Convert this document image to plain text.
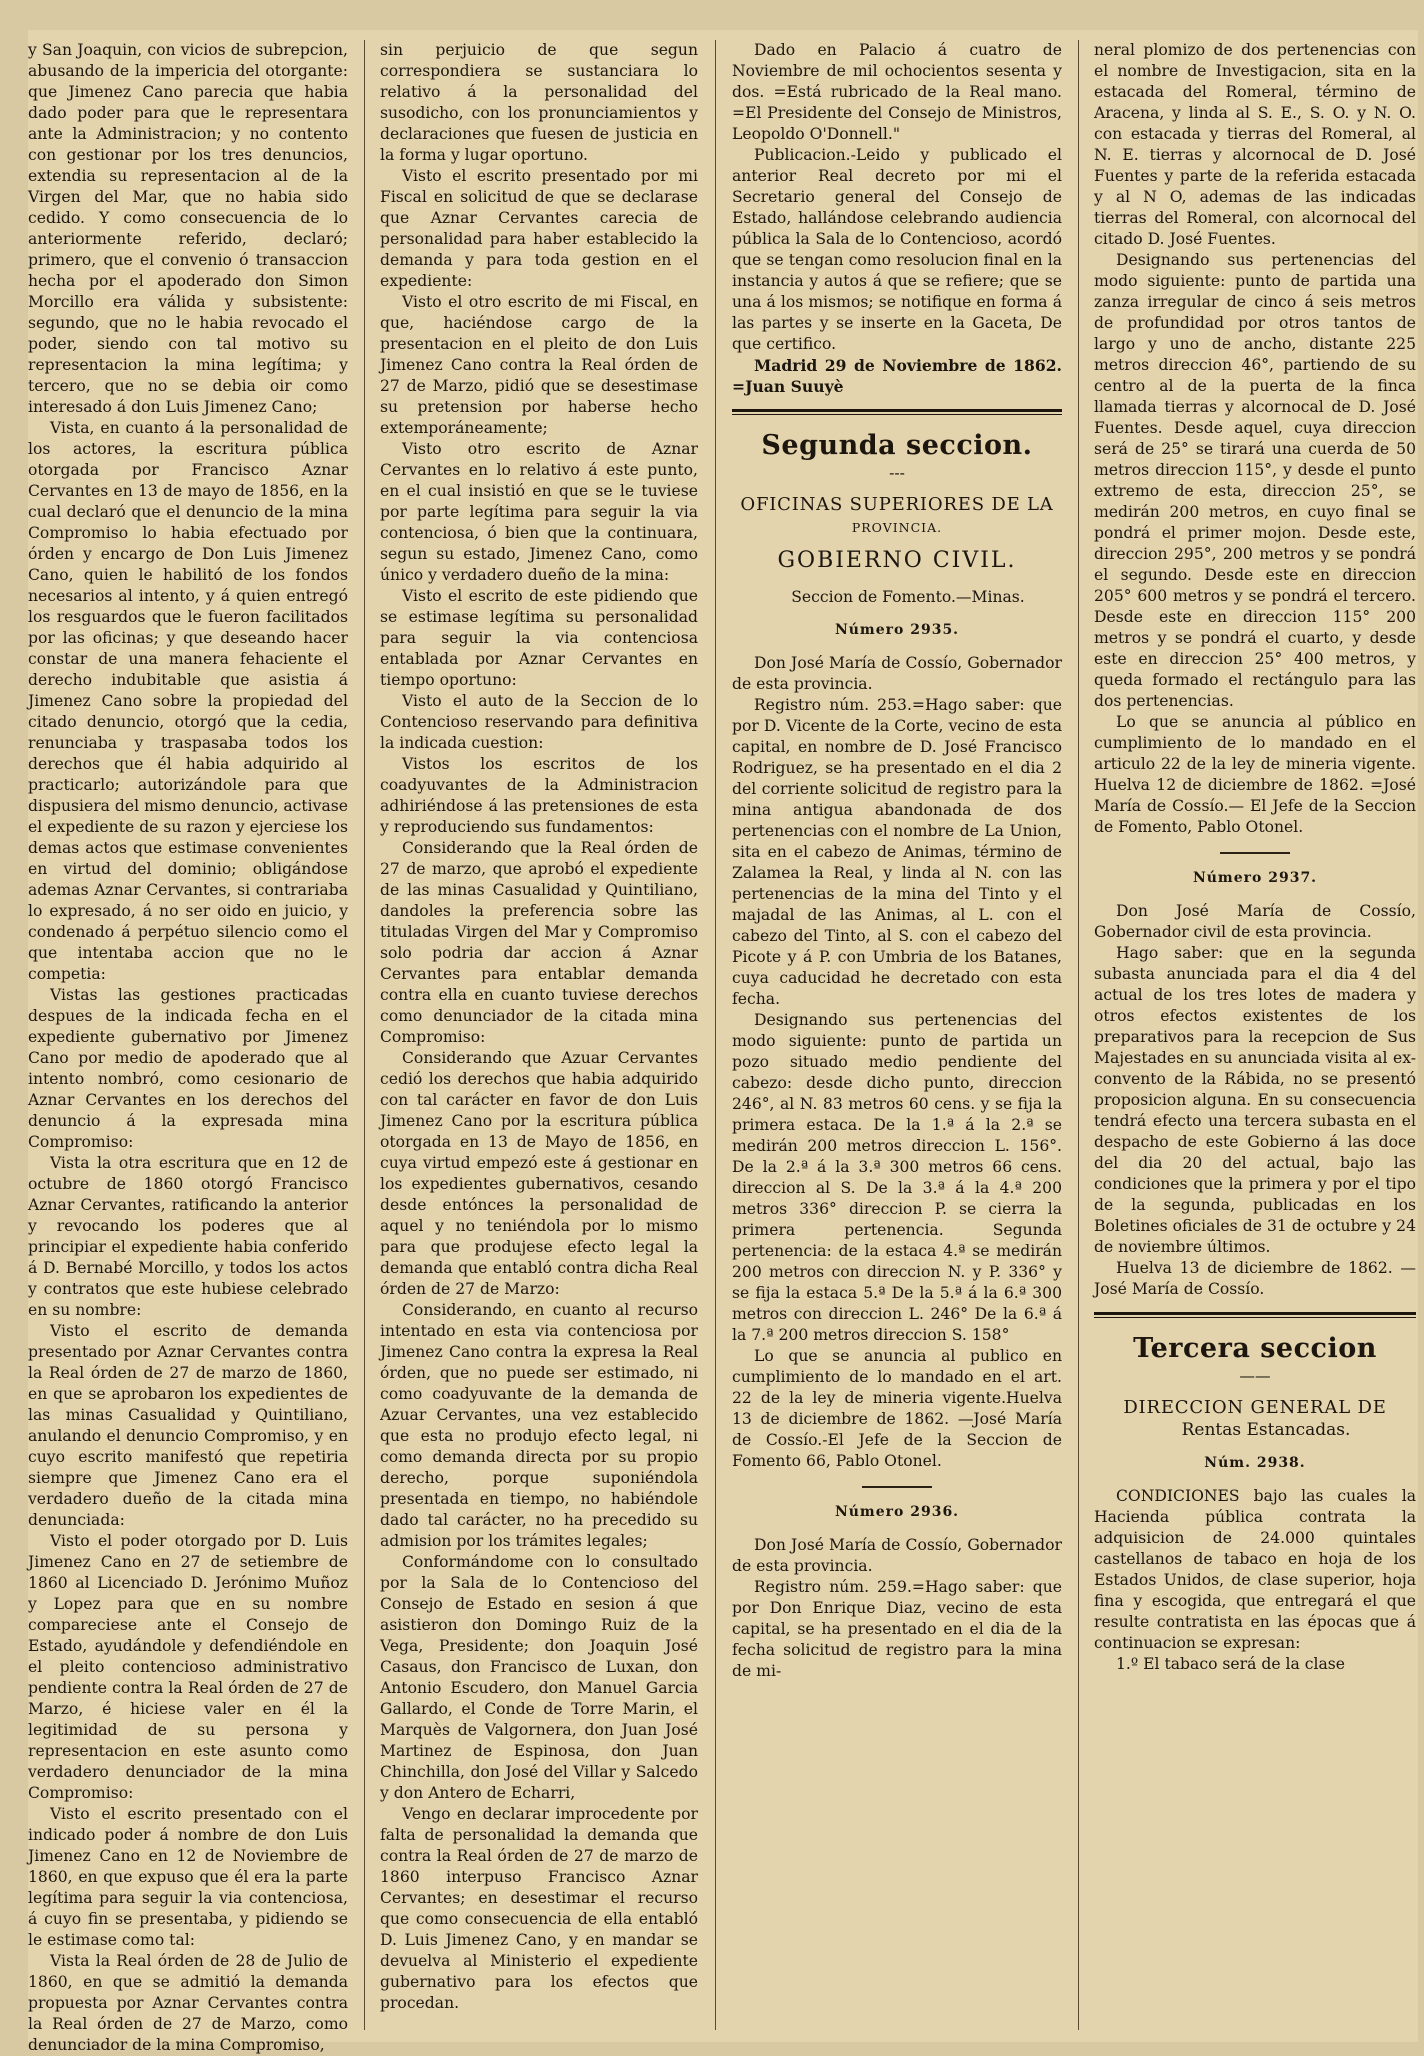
y San Joaquin, con vicios de subrepcion, abusando de la impericia del otorgante: que Jimenez Cano parecia que habia dado poder para que le representara ante la Administracion; y no contento con gestionar por los tres denuncios, extendia su representacion al de la Virgen del Mar, que no habia sido cedido. Y como consecuencia de lo anteriormente referido, declaró; primero, que el convenio ó transaccion hecha por el apoderado don Simon Morcillo era válida y subsistente: segundo, que no le habia revocado el poder, siendo con tal motivo su representacion la mina legítima; y tercero, que no se debia oir como interesado á don Luis Jimenez Cano;

Vista, en cuanto á la personalidad de los actores, la escritura pública otorgada por Francisco Aznar Cervantes en 13 de mayo de 1856, en la cual declaró que el denuncio de la mina Compromiso lo habia efectuado por órden y encargo de Don Luis Jimenez Cano, quien le habilitó de los fondos necesarios al intento, y á quien entregó los resguardos que le fueron facilitados por las oficinas; y que deseando hacer constar de una manera fehaciente el derecho indubitable que asistia á Jimenez Cano sobre la propiedad del citado denuncio, otorgó que la cedia, renunciaba y traspasaba todos los derechos que él habia adquirido al practicarlo; autorizándole para que dispusiera del mismo denuncio, activase el expediente de su razon y ejerciese los demas actos que estimase convenientes en virtud del dominio; obligándose ademas Aznar Cervantes, si contrariaba lo expresado, á no ser oido en juicio, y condenado á perpétuo silencio como el que intentaba accion que no le competia:

Vistas las gestiones practicadas despues de la indicada fecha en el expediente gubernativo por Jimenez Cano por medio de apoderado que al intento nombró, como cesionario de Aznar Cervantes en los derechos del denuncio á la expresada mina Compromiso:

Vista la otra escritura que en 12 de octubre de 1860 otorgó Francisco Aznar Cervantes, ratificando la anterior y revocando los poderes que al principiar el expediente habia conferido á D. Bernabé Morcillo, y todos los actos y contratos que este hubiese celebrado en su nombre:

Visto el escrito de demanda presentado por Aznar Cervantes contra la Real órden de 27 de marzo de 1860, en que se aprobaron los expedientes de las minas Casualidad y Quintiliano, anulando el denuncio Compromiso, y en cuyo escrito manifestó que repetiria siempre que Jimenez Cano era el verdadero dueño de la citada mina denunciada:

Visto el poder otorgado por D. Luis Jimenez Cano en 27 de setiembre de 1860 al Licenciado D. Jerónimo Muñoz y Lopez para que en su nombre compareciese ante el Consejo de Estado, ayudándole y defendiéndole en el pleito contencioso administrativo pendiente contra la Real órden de 27 de Marzo, é hiciese valer en él la legitimidad de su persona y representacion en este asunto como verdadero denunciador de la mina Compromiso:

Visto el escrito presentado con el indicado poder á nombre de don Luis Jimenez Cano en 12 de Noviembre de 1860, en que expuso que él era la parte legítima para seguir la via contenciosa, á cuyo fin se presentaba, y pidiendo se le estimase como tal:

Vista la Real órden de 28 de Julio de 1860, en que se admitió la demanda propuesta por Aznar Cervantes contra la Real órden de 27 de Marzo, como denunciador de la mina Compromiso,

sin perjuicio de que segun correspondiera se sustanciara lo relativo á la personalidad del susodicho, con los pronunciamientos y declaraciones que fuesen de justicia en la forma y lugar oportuno.

Visto el escrito presentado por mi Fiscal en solicitud de que se declarase que Aznar Cervantes carecia de personalidad para haber establecido la demanda y para toda gestion en el expediente:

Visto el otro escrito de mi Fiscal, en que, haciéndose cargo de la presentacion en el pleito de don Luis Jimenez Cano contra la Real órden de 27 de Marzo, pidió que se desestimase su pretension por haberse hecho extemporáneamente;

Visto otro escrito de Aznar Cervantes en lo relativo á este punto, en el cual insistió en que se le tuviese por parte legítima para seguir la via contenciosa, ó bien que la continuara, segun su estado, Jimenez Cano, como único y verdadero dueño de la mina:

Visto el escrito de este pidiendo que se estimase legítima su personalidad para seguir la via contenciosa entablada por Aznar Cervantes en tiempo oportuno:

Visto el auto de la Seccion de lo Contencioso reservando para definitiva la indicada cuestion:

Vistos los escritos de los coadyuvantes de la Administracion adhiriéndose á las pretensiones de esta y reproduciendo sus fundamentos:

Considerando que la Real órden de 27 de marzo, que aprobó el expediente de las minas Casualidad y Quintiliano, dandoles la preferencia sobre las tituladas Virgen del Mar y Compromiso solo podria dar accion á Aznar Cervantes para entablar demanda contra ella en cuanto tuviese derechos como denunciador de la citada mina Compromiso:

Considerando que Azuar Cervantes cedió los derechos que habia adquirido con tal carácter en favor de don Luis Jimenez Cano por la escritura pública otorgada en 13 de Mayo de 1856, en cuya virtud empezó este á gestionar en los expedientes gubernativos, cesando desde entónces la personalidad de aquel y no teniéndola por lo mismo para que produjese efecto legal la demanda que entabló contra dicha Real órden de 27 de Marzo:

Considerando, en cuanto al recurso intentado en esta via contenciosa por Jimenez Cano contra la expresa la Real órden, que no puede ser estimado, ni como coadyuvante de la demanda de Azuar Cervantes, una vez establecido que esta no produjo efecto legal, ni como demanda directa por su propio derecho, porque suponiéndola presentada en tiempo, no habiéndole dado tal carácter, no ha precedido su admision por los trámites legales;

Conformándome con lo consultado por la Sala de lo Contencioso del Consejo de Estado en sesion á que asistieron don Domingo Ruiz de la Vega, Presidente; don Joaquin José Casaus, don Francisco de Luxan, don Antonio Escudero, don Manuel Garcia Gallardo, el Conde de Torre Marin, el Marquès de Valgornera, don Juan José Martinez de Espinosa, don Juan Chinchilla, don José del Villar y Salcedo y don Antero de Echarri,

Vengo en declarar improcedente por falta de personalidad la demanda que contra la Real órden de 27 de marzo de 1860 interpuso Francisco Aznar Cervantes; en desestimar el recurso que como consecuencia de ella entabló D. Luis Jimenez Cano, y en mandar se devuelva al Ministerio el expediente gubernativo para los efectos que procedan.

Dado en Palacio á cuatro de Noviembre de mil ochocientos sesenta y dos. =Está rubricado de la Real mano. =El Presidente del Consejo de Ministros, Leopoldo O'Donnell."

Publicacion.-Leido y publicado el anterior Real decreto por mi el Secretario general del Consejo de Estado, hallándose celebrando audiencia pública la Sala de lo Contencioso, acordó que se tengan como resolucion final en la instancia y autos á que se refiere; que se una á los mismos; se notifique en forma á las partes y se inserte en la Gaceta, De que certifico.

Madrid 29 de Noviembre de 1862. =Juan Suuyè

Segunda seccion.
---
OFICINAS SUPERIORES DE LA
PROVINCIA.
GOBIERNO CIVIL.

Seccion de Fomento.—Minas.

Número 2935.

Don José María de Cossío, Gobernador de esta provincia.

Registro núm. 253.=Hago saber: que por D. Vicente de la Corte, vecino de esta capital, en nombre de D. José Francisco Rodriguez, se ha presentado en el dia 2 del corriente solicitud de registro para la mina antigua abandonada de dos pertenencias con el nombre de La Union, sita en el cabezo de Animas, término de Zalamea la Real, y linda al N. con las pertenencias de la mina del Tinto y el majadal de las Animas, al L. con el cabezo del Tinto, al S. con el cabezo del Picote y á P. con Umbria de los Batanes, cuya caducidad he decretado con esta fecha.

Designando sus pertenencias del modo siguiente: punto de partida un pozo situado medio pendiente del cabezo: desde dicho punto, direccion 246°, al N. 83 metros 60 cens. y se fija la primera estaca. De la 1.ª á la 2.ª se medirán 200 metros direccion L. 156°. De la 2.ª á la 3.ª 300 metros 66 cens. direccion al S. De la 3.ª á la 4.ª 200 metros 336° direccion P. se cierra la primera pertenencia. Segunda pertenencia: de la estaca 4.ª se medirán 200 metros con direccion N. y P. 336° y se fija la estaca 5.ª De la 5.ª á la 6.ª 300 metros con direccion L. 246° De la 6.ª á la 7.ª 200 metros direccion S. 158°

Lo que se anuncia al publico en cumplimiento de lo mandado en el art. 22 de la ley de mineria vigente.Huelva 13 de diciembre de 1862. —José María de Cossío.-El Jefe de la Seccion de Fomento 66, Pablo Otonel.

Número 2936.

Don José María de Cossío, Gobernador de esta provincia.

Registro núm. 259.=Hago saber: que por Don Enrique Diaz, vecino de esta capital, se ha presentado en el dia de la fecha solicitud de registro para la mina de mi-

neral plomizo de dos pertenencias con el nombre de Investigacion, sita en la estacada del Romeral, término de Aracena, y linda al S. E., S. O. y N. O. con estacada y tierras del Romeral, al N. E. tierras y alcornocal de D. José Fuentes y parte de la referida estacada y al N O, ademas de las indicadas tierras del Romeral, con alcornocal del citado D. José Fuentes.

Designando sus pertenencias del modo siguiente: punto de partida una zanza irregular de cinco á seis metros de profundidad por otros tantos de largo y uno de ancho, distante 225 metros direccion 46°, partiendo de su centro al de la puerta de la finca llamada tierras y alcornocal de D. José Fuentes. Desde aquel, cuya direccion será de 25° se tirará una cuerda de 50 metros direccion 115°, y desde el punto extremo de esta, direccion 25°, se medirán 200 metros, en cuyo final se pondrá el primer mojon. Desde este, direccion 295°, 200 metros y se pondrá el segundo. Desde este en direccion 205° 600 metros y se pondrá el tercero. Desde este en direccion 115° 200 metros y se pondrá el cuarto, y desde este en direccion 25° 400 metros, y queda formado el rectángulo para las dos pertenencias.

Lo que se anuncia al público en cumplimiento de lo mandado en el articulo 22 de la ley de mineria vigente. Huelva 12 de diciembre de 1862. =José María de Cossío.— El Jefe de la Seccion de Fomento, Pablo Otonel.

Número 2937.

Don José María de Cossío, Gobernador civil de esta provincia.

Hago saber: que en la segunda subasta anunciada para el dia 4 del actual de los tres lotes de madera y otros efectos existentes de los preparativos para la recepcion de Sus Majestades en su anunciada visita al ex-convento de la Rábida, no se presentó proposicion alguna. En su consecuencia tendrá efecto una tercera subasta en el despacho de este Gobierno á las doce del dia 20 del actual, bajo las condiciones que la primera y por el tipo de la segunda, publicadas en los Boletines oficiales de 31 de octubre y 24 de noviembre últimos.

Huelva 13 de diciembre de 1862. —José María de Cossío.

Tercera seccion
——
DIRECCION GENERAL DE

Rentas Estancadas.

Núm. 2938.

CONDICIONES bajo las cuales la Hacienda pública contrata la adquisicion de 24.000 quintales castellanos de tabaco en hoja de los Estados Unidos, de clase superior, hoja fina y escogida, que entregará el que resulte contratista en las épocas que á continuacion se expresan:

1.º El tabaco será de la clase
